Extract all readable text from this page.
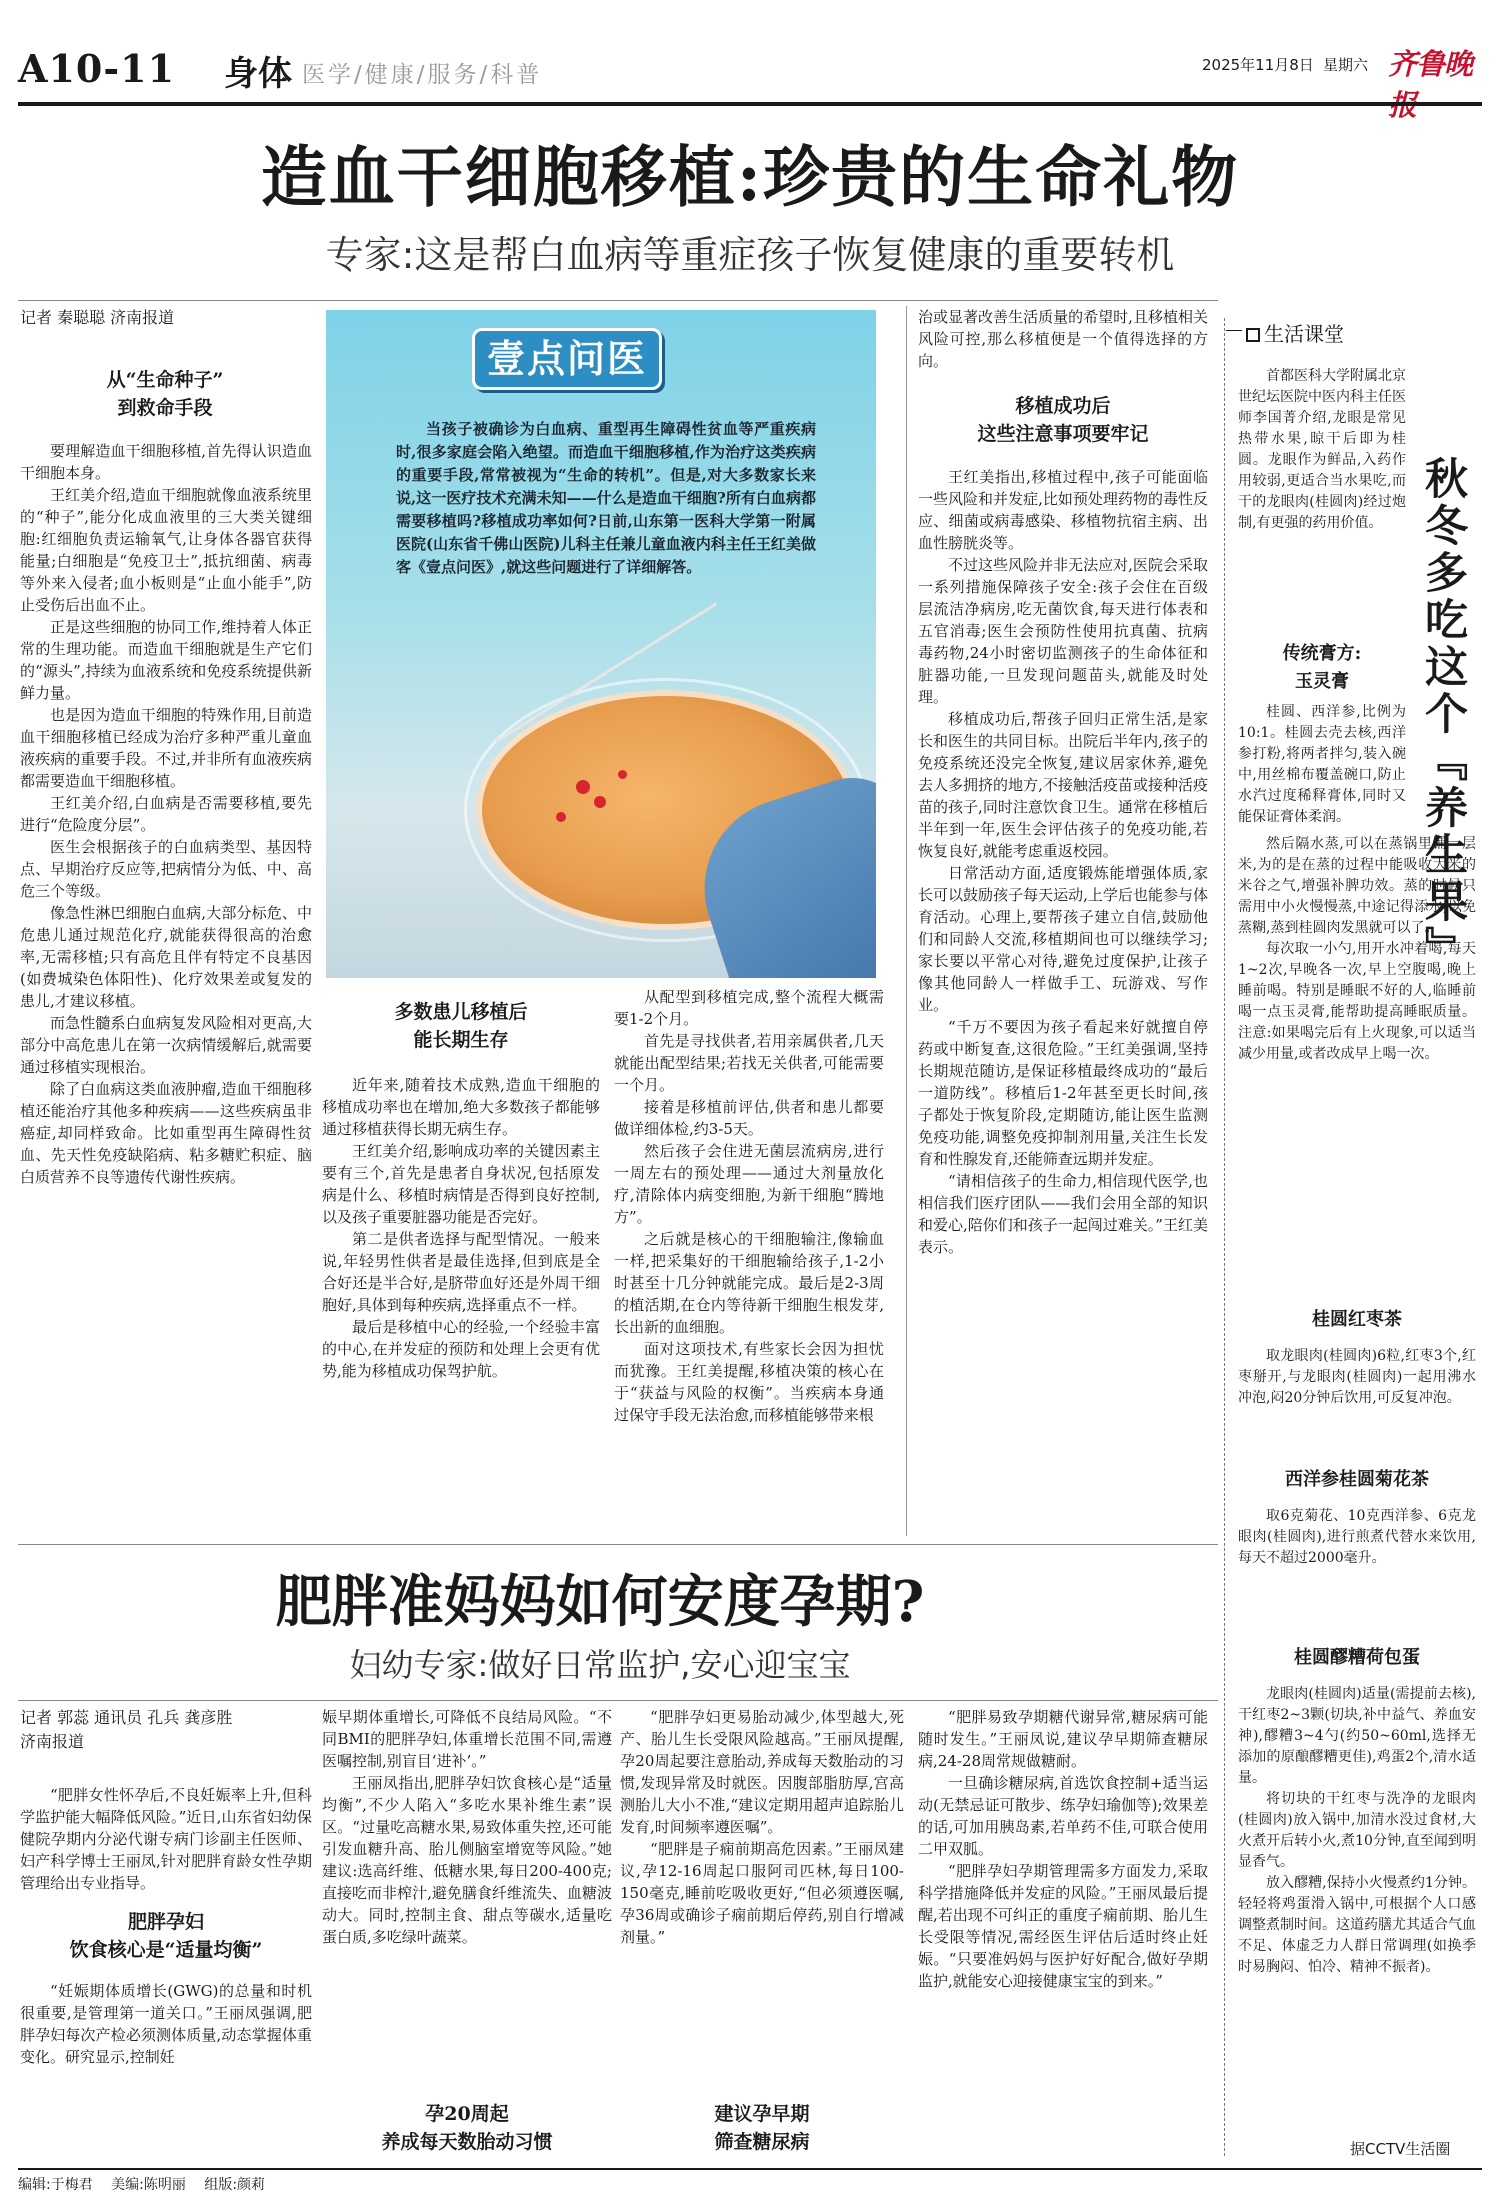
A10-11 身体 医学/健康/服务/科普	2025年11月8日 星期六 齐鲁晚报
造血干细胞移植:珍贵的生命礼物
专家:这是帮白血病等重症孩子恢复健康的重要转机
记者 秦聪聪 济南报道
从“生命种子”
到救命手段

要理解造血干细胞移植,首先得认识造血干细胞本身。

王红美介绍,造血干细胞就像血液系统里的“种子”,能分化成血液里的三大类关键细胞:红细胞负责运输氧气,让身体各器官获得能量;白细胞是“免疫卫士”,抵抗细菌、病毒等外来入侵者;血小板则是“止血小能手”,防止受伤后出血不止。

正是这些细胞的协同工作,维持着人体正常的生理功能。而造血干细胞就是生产它们的“源头”,持续为血液系统和免疫系统提供新鲜力量。

也是因为造血干细胞的特殊作用,目前造血干细胞移植已经成为治疗多种严重儿童血液疾病的重要手段。不过,并非所有血液疾病都需要造血干细胞移植。

王红美介绍,白血病是否需要移植,要先进行“危险度分层”。

医生会根据孩子的白血病类型、基因特点、早期治疗反应等,把病情分为低、中、高危三个等级。

像急性淋巴细胞白血病,大部分标危、中危患儿通过规范化疗,就能获得很高的治愈率,无需移植;只有高危且伴有特定不良基因(如费城染色体阳性)、化疗效果差或复发的患儿,才建议移植。

而急性髓系白血病复发风险相对更高,大部分中高危患儿在第一次病情缓解后,就需要通过移植实现根治。

除了白血病这类血液肿瘤,造血干细胞移植还能治疗其他多种疾病——这些疾病虽非癌症,却同样致命。比如重型再生障碍性贫血、先天性免疫缺陷病、粘多糖贮积症、脑白质营养不良等遗传代谢性疾病。

壹点问医

当孩子被确诊为白血病、重型再生障碍性贫血等严重疾病时,很多家庭会陷入绝望。而造血干细胞移植,作为治疗这类疾病的重要手段,常常被视为“生命的转机”。但是,对大多数家长来说,这一医疗技术充满未知——什么是造血干细胞?所有白血病都需要移植吗?移植成功率如何?日前,山东第一医科大学第一附属医院(山东省千佛山医院)儿科主任兼儿童血液内科主任王红美做客《壹点问医》,就这些问题进行了详细解答。

多数患儿移植后
能长期生存

近年来,随着技术成熟,造血干细胞的移植成功率也在增加,绝大多数孩子都能够通过移植获得长期无病生存。

王红美介绍,影响成功率的关键因素主要有三个,首先是患者自身状况,包括原发病是什么、移植时病情是否得到良好控制,以及孩子重要脏器功能是否完好。

第二是供者选择与配型情况。一般来说,年轻男性供者是最佳选择,但到底是全合好还是半合好,是脐带血好还是外周干细胞好,具体到每种疾病,选择重点不一样。

最后是移植中心的经验,一个经验丰富的中心,在并发症的预防和处理上会更有优势,能为移植成功保驾护航。

从配型到移植完成,整个流程大概需要1-2个月。

首先是寻找供者,若用亲属供者,几天就能出配型结果;若找无关供者,可能需要一个月。

接着是移植前评估,供者和患儿都要做详细体检,约3-5天。

然后孩子会住进无菌层流病房,进行一周左右的预处理——通过大剂量放化疗,清除体内病变细胞,为新干细胞“腾地方”。

之后就是核心的干细胞输注,像输血一样,把采集好的干细胞输给孩子,1-2小时甚至十几分钟就能完成。最后是2-3周的植活期,在仓内等待新干细胞生根发芽,长出新的血细胞。

面对这项技术,有些家长会因为担忧而犹豫。王红美提醒,移植决策的核心在于“获益与风险的权衡”。当疾病本身通过保守手段无法治愈,而移植能够带来根

治或显著改善生活质量的希望时,且移植相关风险可控,那么移植便是一个值得选择的方向。

移植成功后
这些注意事项要牢记

王红美指出,移植过程中,孩子可能面临一些风险和并发症,比如预处理药物的毒性反应、细菌或病毒感染、移植物抗宿主病、出血性膀胱炎等。

不过这些风险并非无法应对,医院会采取一系列措施保障孩子安全:孩子会住在百级层流洁净病房,吃无菌饮食,每天进行体表和五官消毒;医生会预防性使用抗真菌、抗病毒药物,24小时密切监测孩子的生命体征和脏器功能,一旦发现问题苗头,就能及时处理。

移植成功后,帮孩子回归正常生活,是家长和医生的共同目标。出院后半年内,孩子的免疫系统还没完全恢复,建议居家休养,避免去人多拥挤的地方,不接触活疫苗或接种活疫苗的孩子,同时注意饮食卫生。通常在移植后半年到一年,医生会评估孩子的免疫功能,若恢复良好,就能考虑重返校园。

日常活动方面,适度锻炼能增强体质,家长可以鼓励孩子每天运动,上学后也能参与体育活动。心理上,要帮孩子建立自信,鼓励他们和同龄人交流,移植期间也可以继续学习;家长要以平常心对待,避免过度保护,让孩子像其他同龄人一样做手工、玩游戏、写作业。

“千万不要因为孩子看起来好就擅自停药或中断复查,这很危险。”王红美强调,坚持长期规范随访,是保证移植最终成功的“最后一道防线”。移植后1-2年甚至更长时间,孩子都处于恢复阶段,定期随访,能让医生监测免疫功能,调整免疫抑制剂用量,关注生长发育和性腺发育,还能筛查远期并发症。

“请相信孩子的生命力,相信现代医学,也相信我们医疗团队——我们会用全部的知识和爱心,陪你们和孩子一起闯过难关。”王红美表示。

肥胖准妈妈如何安度孕期?
妇幼专家:做好日常监护,安心迎宝宝
记者 郭蕊 通讯员 孔兵 龚彦胜
济南报道

“肥胖女性怀孕后,不良妊娠率上升,但科学监护能大幅降低风险。”近日,山东省妇幼保健院孕期内分泌代谢专病门诊副主任医师、妇产科学博士王丽凤,针对肥胖育龄女性孕期管理给出专业指导。

肥胖孕妇
饮食核心是“适量均衡”

“妊娠期体质增长(GWG)的总量和时机很重要,是管理第一道关口。”王丽凤强调,肥胖孕妇每次产检必须测体质量,动态掌握体重变化。研究显示,控制妊

娠早期体重增长,可降低不良结局风险。“不同BMI的肥胖孕妇,体重增长范围不同,需遵医嘱控制,别盲目‘进补’。”

王丽凤指出,肥胖孕妇饮食核心是“适量均衡”,不少人陷入“多吃水果补维生素”误区。“过量吃高糖水果,易致体重失控,还可能引发血糖升高、胎儿侧脑室增宽等风险。”她建议:选高纤维、低糖水果,每日200-400克;直接吃而非榨汁,避免膳食纤维流失、血糖波动大。同时,控制主食、甜点等碳水,适量吃蛋白质,多吃绿叶蔬菜。

孕20周起
养成每天数胎动习惯

“肥胖孕妇更易胎动减少,体型越大,死产、胎儿生长受限风险越高。”王丽凤提醒,孕20周起要注意胎动,养成每天数胎动的习惯,发现异常及时就医。因腹部脂肪厚,宫高测胎儿大小不准,“建议定期用超声追踪胎儿发育,时间频率遵医嘱”。

“肥胖是子痫前期高危因素。”王丽凤建议,孕12-16周起口服阿司匹林,每日100-150毫克,睡前吃吸收更好,“但必须遵医嘱,孕36周或确诊子痫前期后停药,别自行增减剂量。”

建议孕早期
筛查糖尿病

“肥胖易致孕期糖代谢异常,糖尿病可能随时发生。”王丽凤说,建议孕早期筛查糖尿病,24-28周常规做糖耐。

一旦确诊糖尿病,首选饮食控制+适当运动(无禁忌证可散步、练孕妇瑜伽等);效果差的话,可加用胰岛素,若单药不佳,可联合使用二甲双胍。

“肥胖孕妇孕期管理需多方面发力,采取科学措施降低并发症的风险。”王丽凤最后提醒,若出现不可纠正的重度子痫前期、胎儿生长受限等情况,需经医生评估后适时终止妊娠。“只要准妈妈与医护好好配合,做好孕期监护,就能安心迎接健康宝宝的到来。”

生活课堂

首都医科大学附属北京世纪坛医院中医内科主任医师李国菁介绍,龙眼是常见热带水果,晾干后即为桂圆。龙眼作为鲜品,入药作用较弱,更适合当水果吃,而干的龙眼肉(桂圆肉)经过炮制,有更强的药用价值。 秋冬多吃这个『养生果』
传统膏方:
玉灵膏

桂圆、西洋参,比例为10:1。桂圆去壳去核,西洋参打粉,将两者拌匀,装入碗中,用丝棉布覆盖碗口,防止水汽过度稀释膏体,同时又能保证膏体柔润。

然后隔水蒸,可以在蒸锅里铺一层米,为的是在蒸的过程中能吸收大米的米谷之气,增强补脾功效。蒸的时候只需用中小火慢慢蒸,中途记得添水,以免蒸糊,蒸到桂圆肉发黑就可以了。

每次取一小勺,用开水冲着喝,每天1~2次,早晚各一次,早上空腹喝,晚上睡前喝。特别是睡眠不好的人,临睡前喝一点玉灵膏,能帮助提高睡眠质量。注意:如果喝完后有上火现象,可以适当减少用量,或者改成早上喝一次。

桂圆红枣茶

取龙眼肉(桂圆肉)6粒,红枣3个,红枣掰开,与龙眼肉(桂圆肉)一起用沸水冲泡,闷20分钟后饮用,可反复冲泡。

西洋参桂圆菊花茶

取6克菊花、10克西洋参、6克龙眼肉(桂圆肉),进行煎煮代替水来饮用,每天不超过2000毫升。

桂圆醪糟荷包蛋

龙眼肉(桂圆肉)适量(需提前去核),干红枣2~3颗(切块,补中益气、养血安神),醪糟3~4勺(约50~60ml,选择无添加的原酿醪糟更佳),鸡蛋2个,清水适量。

将切块的干红枣与洗净的龙眼肉(桂圆肉)放入锅中,加清水没过食材,大火煮开后转小火,煮10分钟,直至闻到明显香气。

放入醪糟,保持小火慢煮约1分钟。轻轻将鸡蛋滑入锅中,可根据个人口感调整煮制时间。这道药膳尤其适合气血不足、体虚乏力人群日常调理(如换季时易胸闷、怕冷、精神不振者)。

据CCTV生活圈
编辑:于梅君 美编:陈明丽 组版:颜莉
